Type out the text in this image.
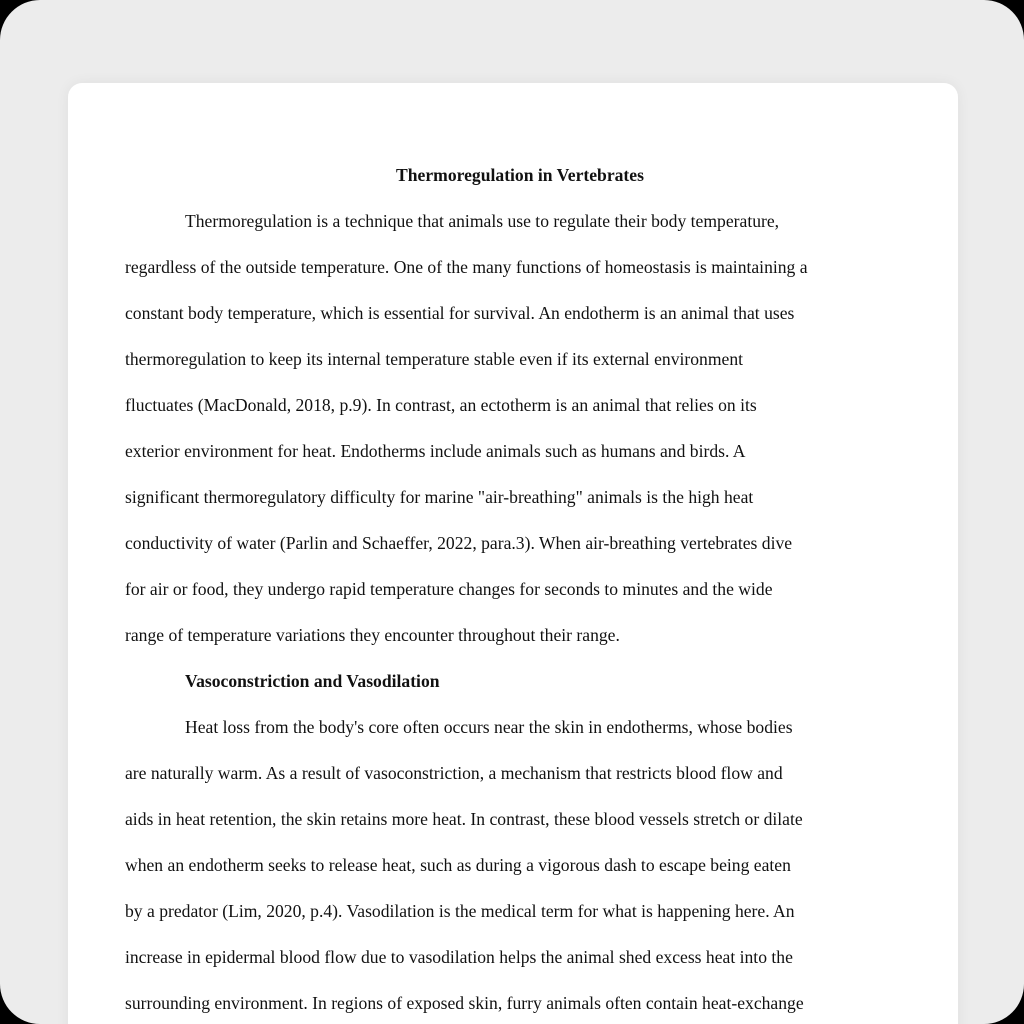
Thermoregulation in Vertebrates
Thermoregulation is a technique that animals use to regulate their body temperature,
regardless of the outside temperature. One of the many functions of homeostasis is maintaining a
constant body temperature, which is essential for survival. An endotherm is an animal that uses
thermoregulation to keep its internal temperature stable even if its external environment
fluctuates (MacDonald, 2018, p.9). In contrast, an ectotherm is an animal that relies on its
exterior environment for heat. Endotherms include animals such as humans and birds. A
significant thermoregulatory difficulty for marine "air-breathing" animals is the high heat
conductivity of water (Parlin and Schaeffer, 2022, para.3). When air-breathing vertebrates dive
for air or food, they undergo rapid temperature changes for seconds to minutes and the wide
range of temperature variations they encounter throughout their range.
Vasoconstriction and Vasodilation
Heat loss from the body's core often occurs near the skin in endotherms, whose bodies
are naturally warm. As a result of vasoconstriction, a mechanism that restricts blood flow and
aids in heat retention, the skin retains more heat. In contrast, these blood vessels stretch or dilate
when an endotherm seeks to release heat, such as during a vigorous dash to escape being eaten
by a predator (Lim, 2020, p.4). Vasodilation is the medical term for what is happening here. An
increase in epidermal blood flow due to vasodilation helps the animal shed excess heat into the
surrounding environment. In regions of exposed skin, furry animals often contain heat-exchange
